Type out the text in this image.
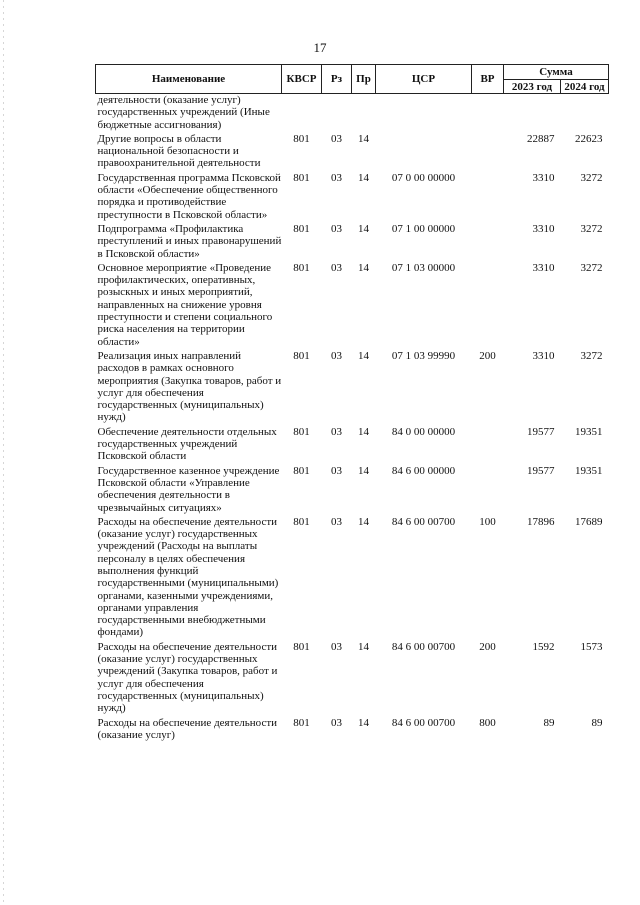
17
Наименование	КВСР	Рз	Пр	ЦСР	ВР	Сумма	
						2023 год	2024 год
деятельности (оказание услуг) государственных учреждений (Иные бюджетные ассигнования)							
Другие вопросы в области национальной безопасности и правоохранительной деятельности	801	03	14			22887	22623
Государственная программа Псковской области «Обеспечение общественного порядка и противодействие преступности в Псковской области»	801	03	14	07 0 00 00000		3310	3272
Подпрограмма «Профилактика преступлений и иных правонарушений в Псковской области»	801	03	14	07 1 00 00000		3310	3272
Основное мероприятие «Проведение профилактических, оперативных, розыскных и иных мероприятий, направленных на снижение уровня преступности и степени социального риска населения на территории области»	801	03	14	07 1 03 00000		3310	3272
Реализация иных направлений расходов в рамках основного мероприятия (Закупка товаров, работ и услуг для обеспечения государственных (муниципальных) нужд)	801	03	14	07 1 03 99990	200	3310	3272
Обеспечение деятельности отдельных государственных учреждений Псковской области	801	03	14	84 0 00 00000		19577	19351
Государственное казенное учреждение Псковской области «Управление обеспечения деятельности в чрезвычайных ситуациях»	801	03	14	84 6 00 00000		19577	19351
Расходы на обеспечение деятельности (оказание услуг) государственных учреждений (Расходы на выплаты персоналу в целях обеспечения выполнения функций государственными (муниципальными) органами, казенными учреждениями, органами управления государственными внебюджетными фондами)	801	03	14	84 6 00 00700	100	17896	17689
Расходы на обеспечение деятельности (оказание услуг) государственных учреждений (Закупка товаров, работ и услуг для обеспечения государственных (муниципальных) нужд)	801	03	14	84 6 00 00700	200	1592	1573
Расходы на обеспечение деятельности (оказание услуг)	801	03	14	84 6 00 00700	800	89	89
